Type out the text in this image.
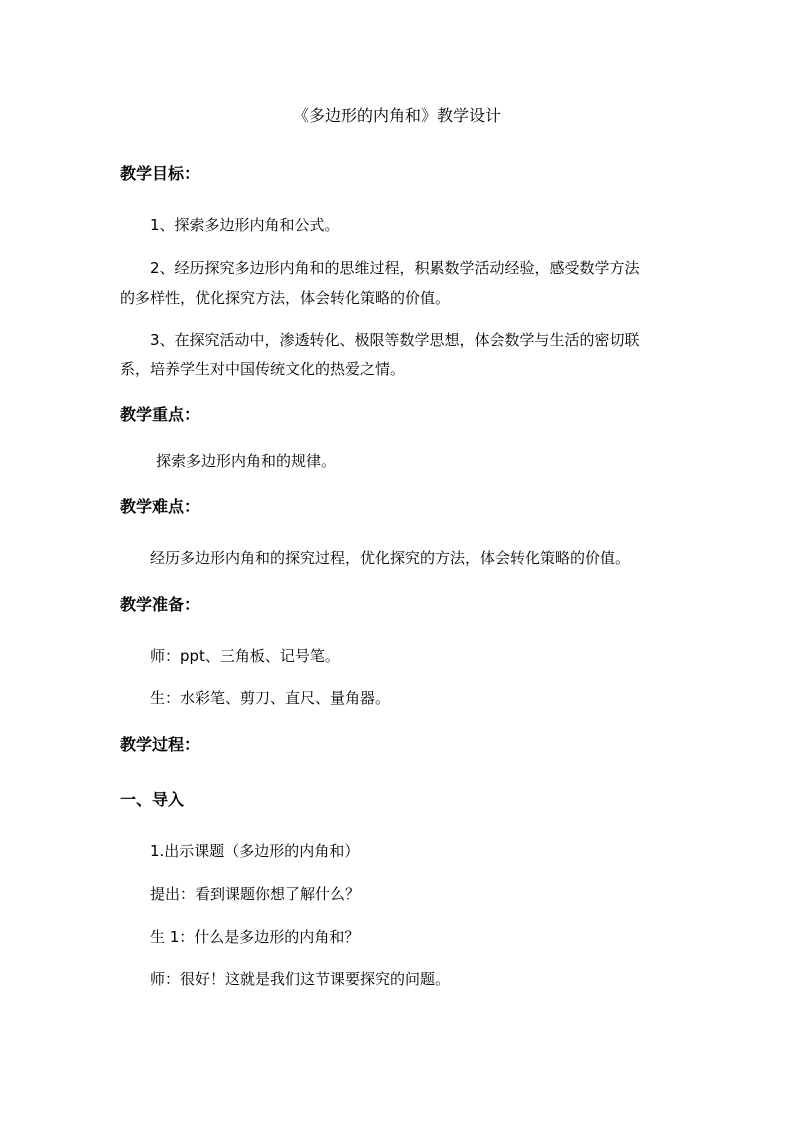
《多边形的内角和》教学设计
教学目标：
1、探索多边形内角和公式。
2、经历探究多边形内角和的思维过程，积累数学活动经验，感受数学方法
的多样性，优化探究方法，体会转化策略的价值。
3、在探究活动中，渗透转化、极限等数学思想，体会数学与生活的密切联
系，培养学生对中国传统文化的热爱之情。
教学重点：
探索多边形内角和的规律。
教学难点：
经历多边形内角和的探究过程，优化探究的方法，体会转化策略的价值。
教学准备：
师：ppt、三角板、记号笔。
生：水彩笔、剪刀、直尺、量角器。
教学过程：
一、导入
1.出示课题（多边形的内角和）
提出：看到课题你想了解什么？
生 1：什么是多边形的内角和？
师：很好！这就是我们这节课要探究的问题。
